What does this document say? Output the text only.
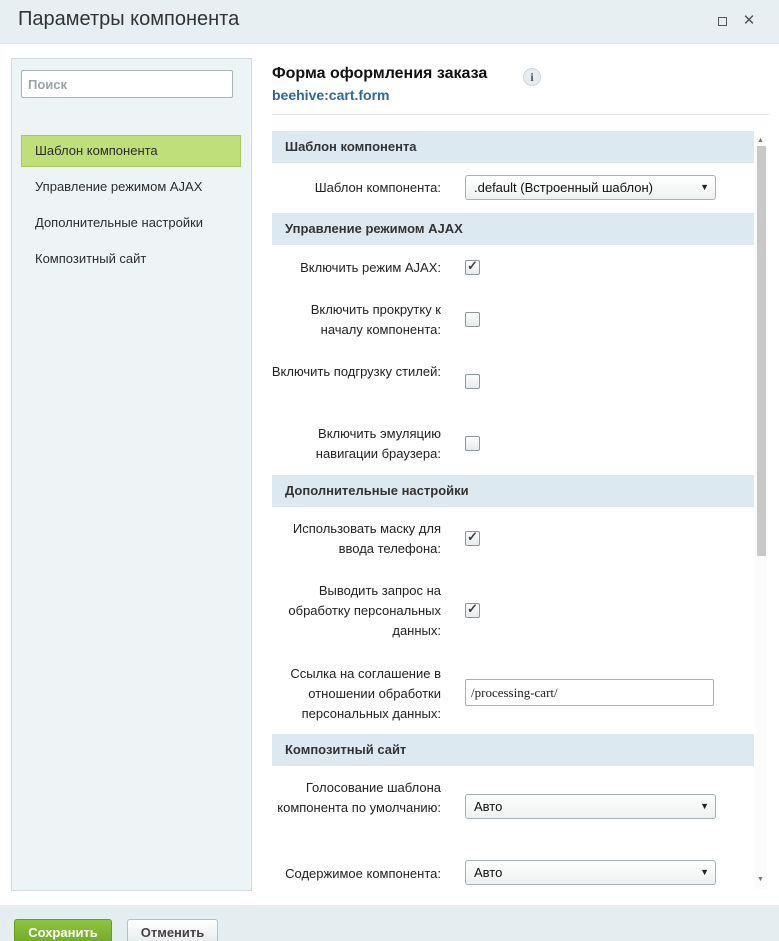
Параметры компонента	✕
Поиск
Шаблон компонента
Управление режимом AJAX
Дополнительные настройки
Композитный сайт
Форма оформления заказа	i
beehive:cart.form
Шаблон компонента
Шаблон компонента:	.default (Встроенный шаблон)	▼
Управление режимом AJAX
Включить режим AJAX: ✓
Включить прокрутку к началу компонента:
Включить подгрузку стилей:
Включить эмуляцию навигации браузера:
Дополнительные настройки
Использовать маску для ввода телефона:
✓
Выводить запрос на обработку персональных данных:
✓
Ссылка на соглашение в отношении обработки персональных данных:
/processing-cart/
Композитный сайт
Голосование шаблона компонента по умолчанию:	Авто	▼
Содержимое компонента:	Авто	▼
▲
▼
Сохранить	Отменить
